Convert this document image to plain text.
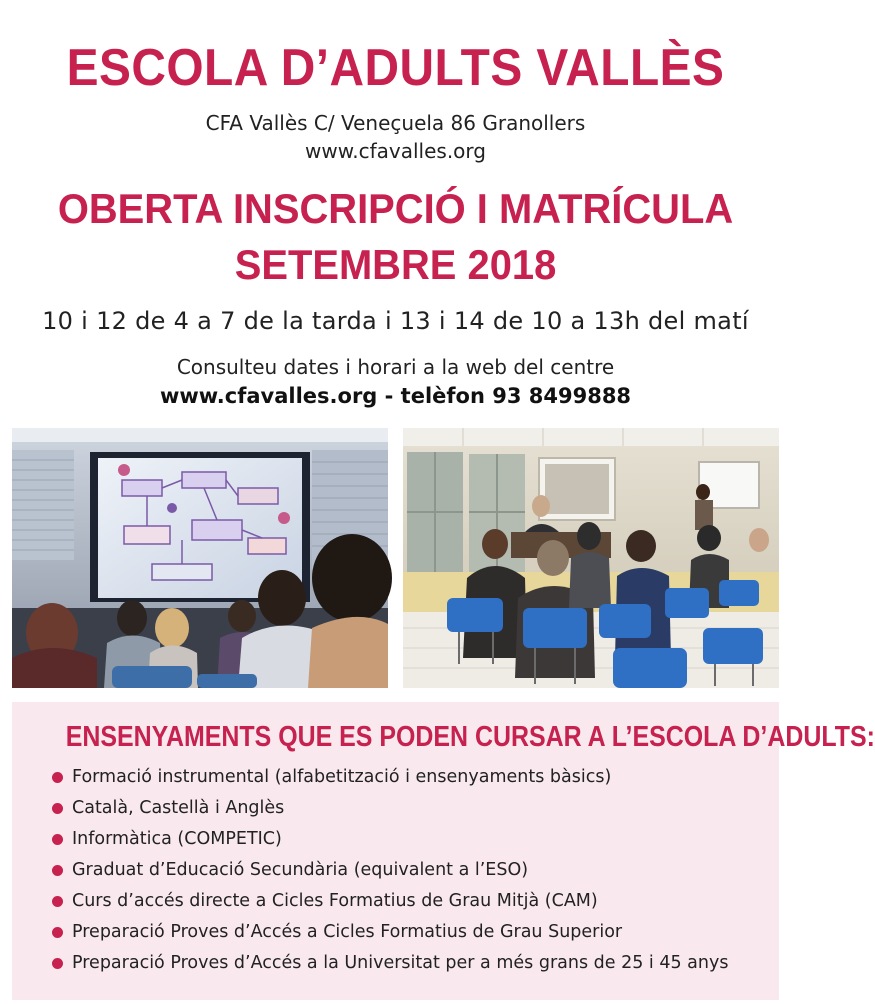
ESCOLA D’ADULTS VALLÈS
CFA Vallès C/ Veneçuela 86 Granollers
www.cfavalles.org
OBERTA INSCRIPCIÓ I MATRÍCULA
SETEMBRE 2018
10 i 12 de 4 a 7 de la tarda i 13 i 14 de 10 a 13h del matí
Consulteu dates i horari a la web del centre
www.cfavalles.org - telèfon 93 8499888
ENSENYAMENTS QUE ES PODEN CURSAR A L’ESCOLA D’ADULTS:
Formació instrumental (alfabetització i ensenyaments bàsics)
Català, Castellà i Anglès
Informàtica (COMPETIC)
Graduat d’Educació Secundària (equivalent a l’ESO)
Curs d’accés directe a Cicles Formatius de Grau Mitjà (CAM)
Preparació Proves d’Accés a Cicles Formatius de Grau Superior
Preparació Proves d’Accés a la Universitat per a més grans de 25 i 45 anys
